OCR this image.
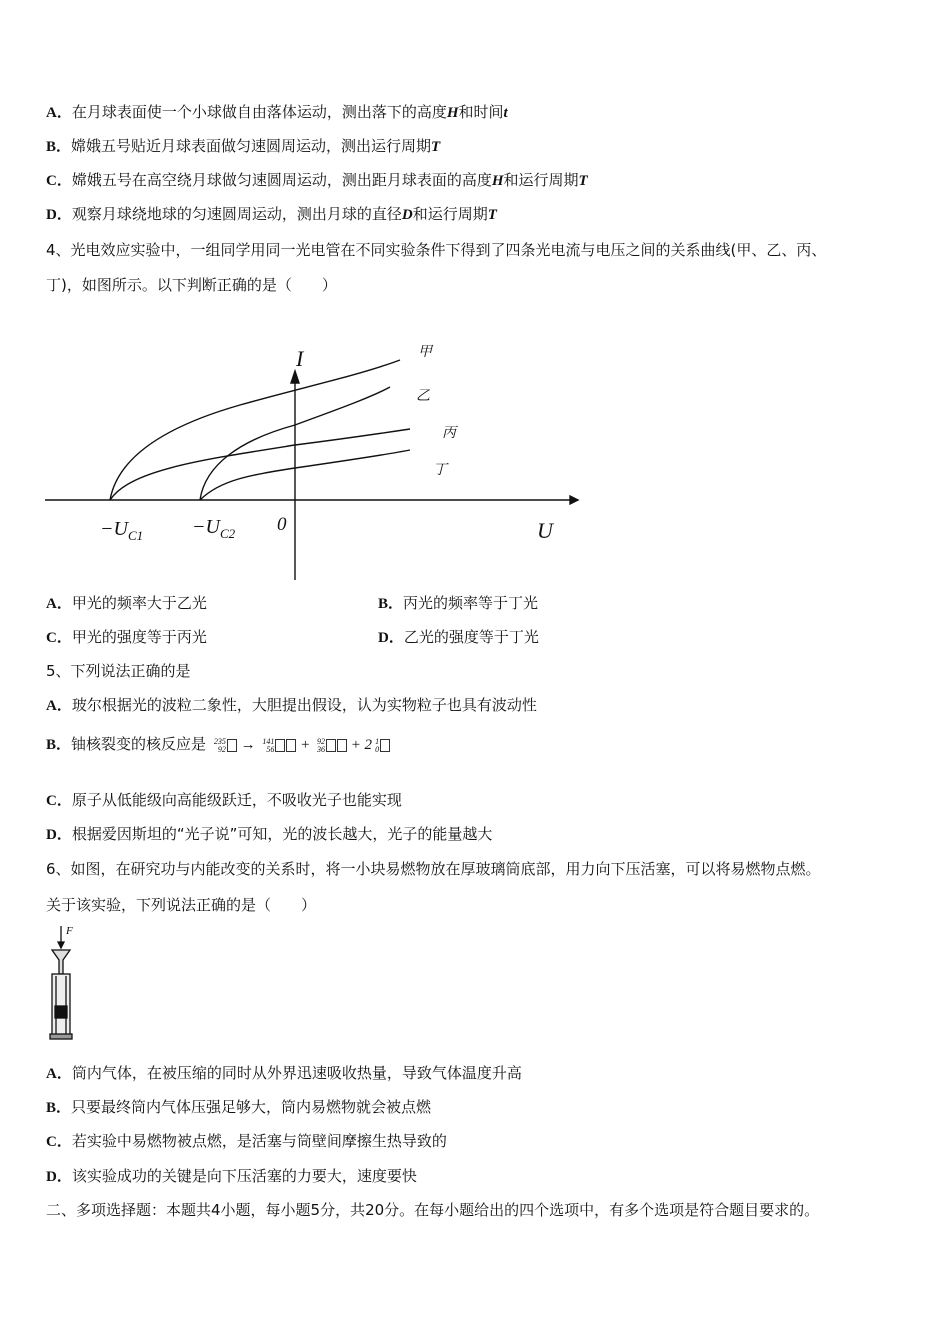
A．在月球表面使一个小球做自由落体运动，测出落下的高度H和时间t
B．嫦娥五号贴近月球表面做匀速圆周运动，测出运行周期T
C．嫦娥五号在高空绕月球做匀速圆周运动，测出距月球表面的高度H和运行周期T
D．观察月球绕地球的匀速圆周运动，测出月球的直径D和运行周期T
4、光电效应实验中，一组同学用同一光电管在不同实验条件下得到了四条光电流与电压之间的关系曲线(甲、乙、丙、
丁)，如图所示。以下判断正确的是（　　）
I
U
0
$-U_{C1} -U_{C2}$
甲
乙
丙
丁
A．甲光的频率大于乙光	B．丙光的频率等于丁光
C．甲光的强度等于丙光	D．乙光的强度等于丁光
5、下列说法正确的是
A．玻尔根据光的波粒二象性，大胆提出假设，认为实物粒子也具有波动性
B．铀核裂变的核反应是 235
92 → 141
56 + 92
36 + 2 1
0
C．原子从低能级向高能级跃迁，不吸收光子也能实现
D．根据爱因斯坦的“光子说”可知，光的波长越大，光子的能量越大
6、如图，在研究功与内能改变的关系时，将一小块易燃物放在厚玻璃筒底部，用力向下压活塞，可以将易燃物点燃。
关于该实验，下列说法正确的是（　　）
F
A．筒内气体，在被压缩的同时从外界迅速吸收热量，导致气体温度升高
B．只要最终筒内气体压强足够大，筒内易燃物就会被点燃
C．若实验中易燃物被点燃，是活塞与筒壁间摩擦生热导致的
D．该实验成功的关键是向下压活塞的力要大，速度要快
二、多项选择题：本题共4小题，每小题5分，共20分。在每小题给出的四个选项中，有多个选项是符合题目要求的。
